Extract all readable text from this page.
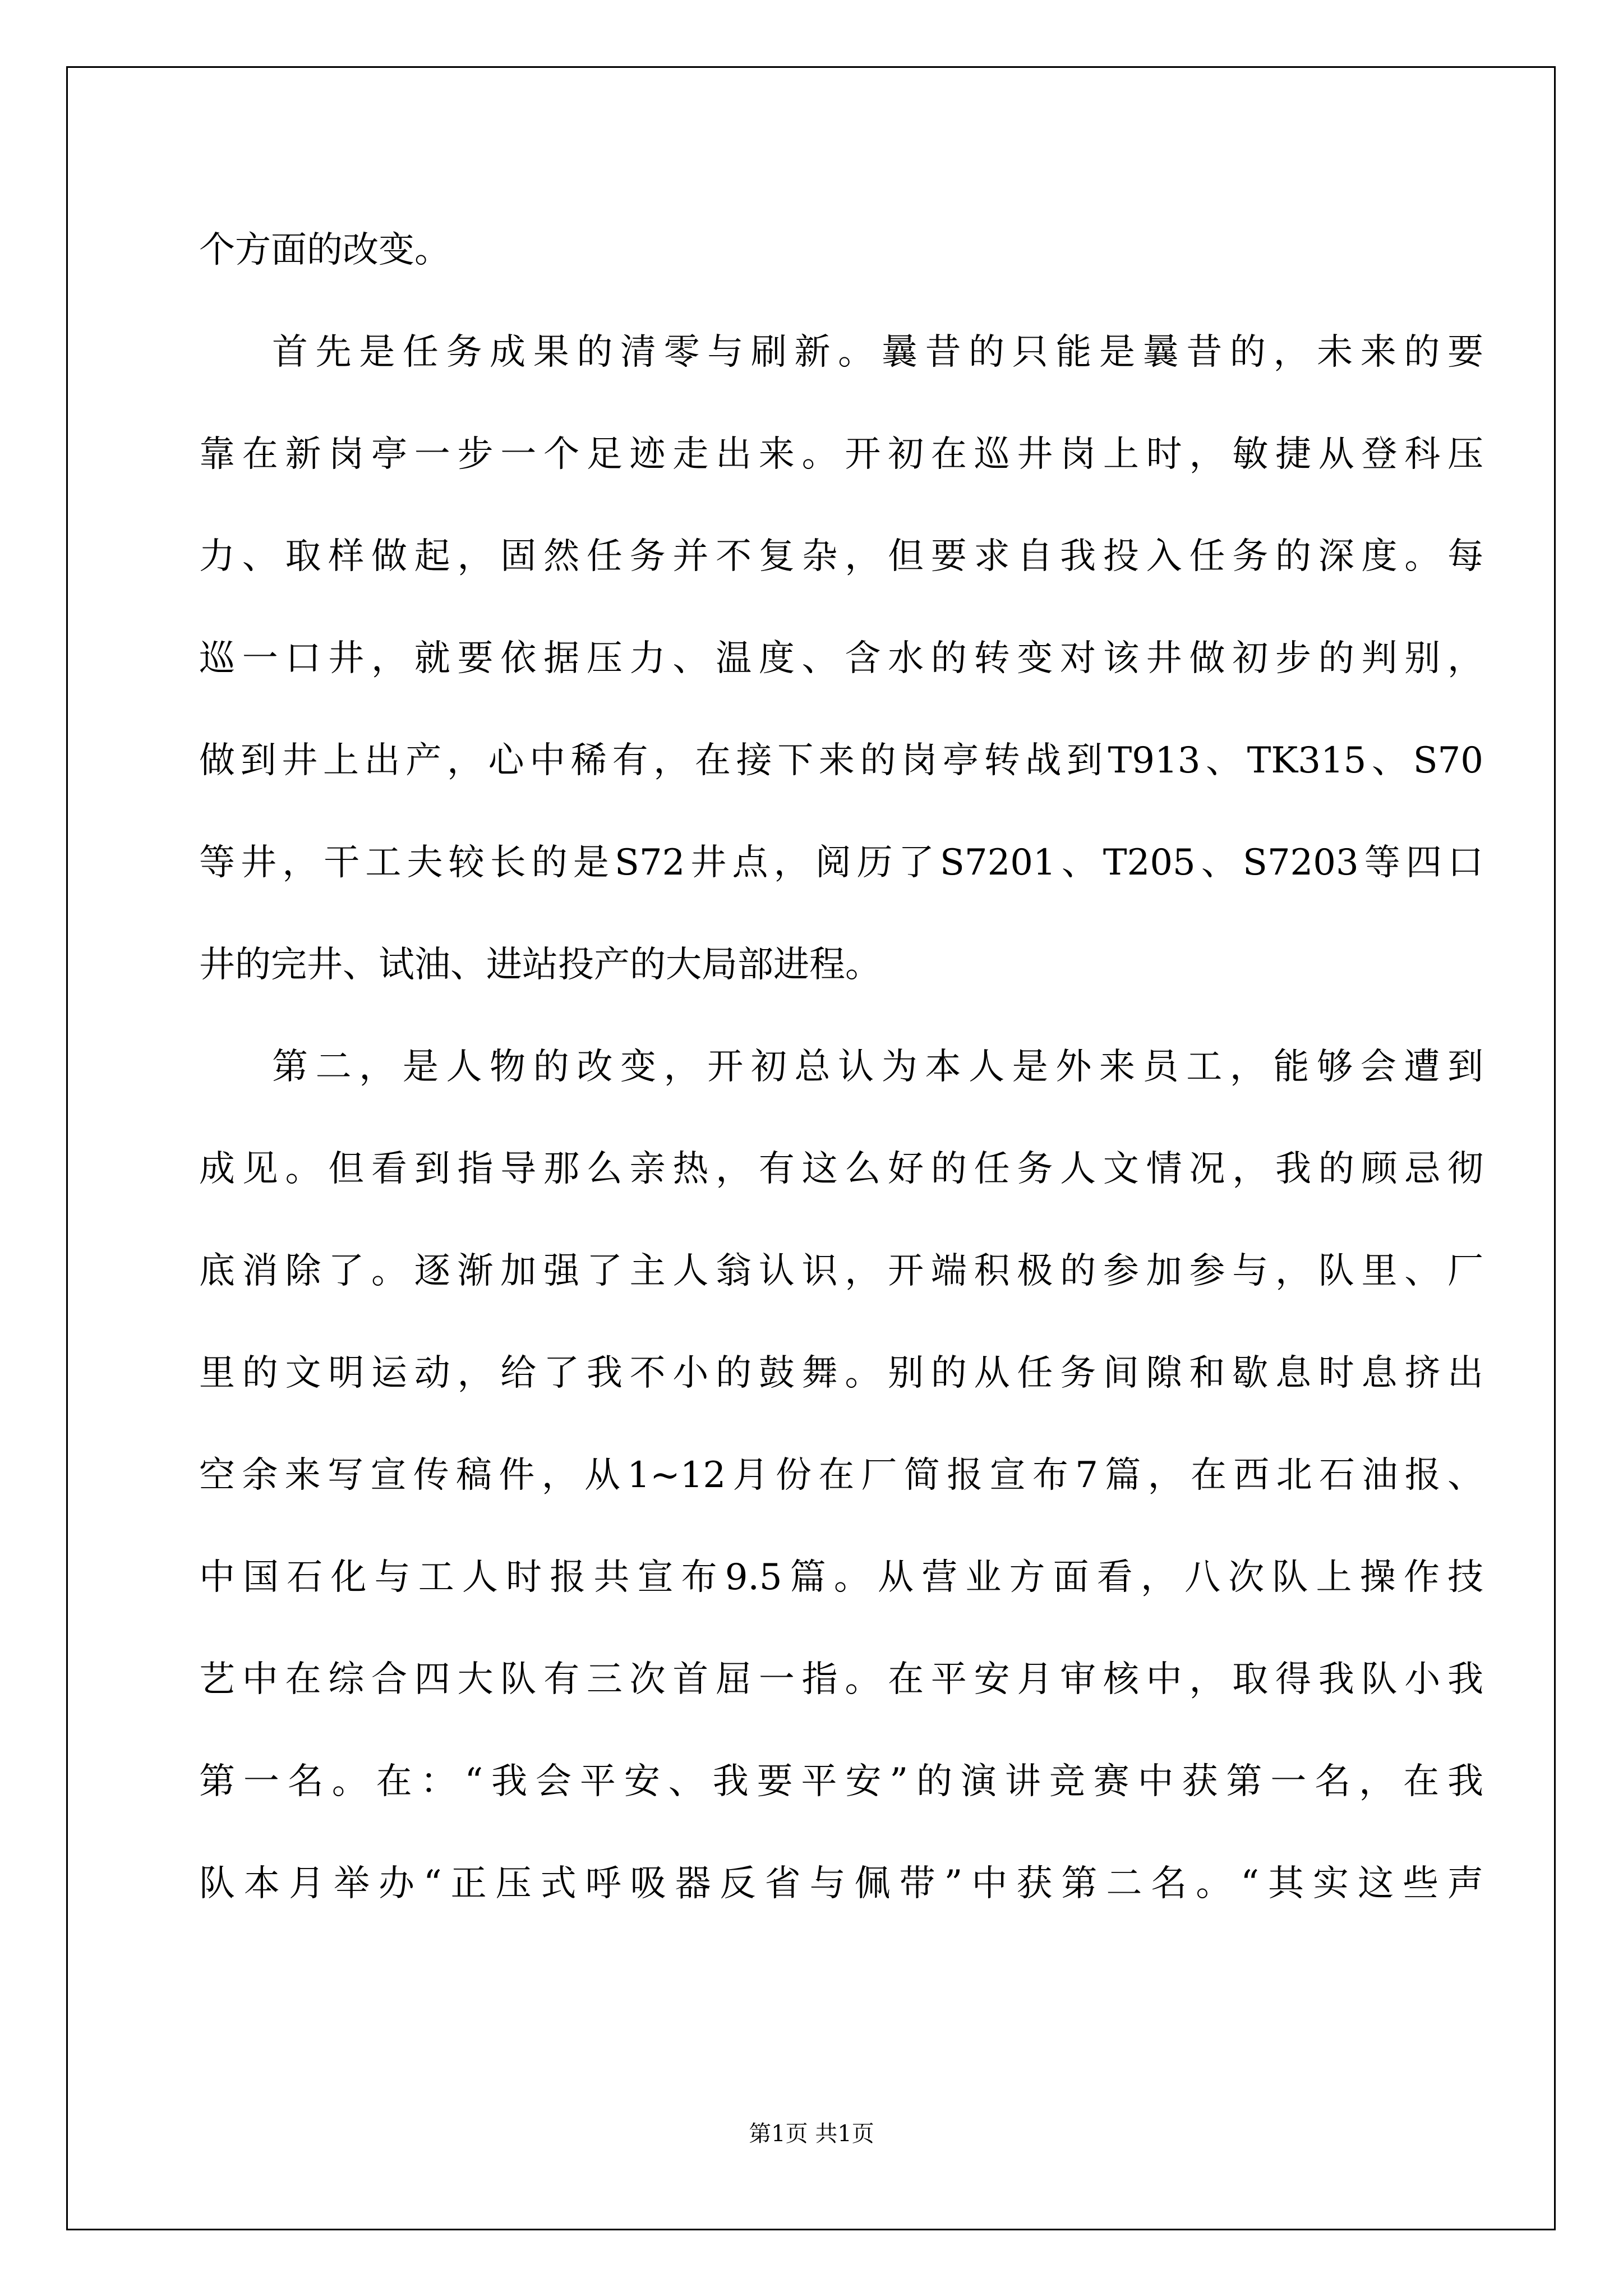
个方面的改变。
首先是任务成果的清零与刷新。曩昔的只能是曩昔的，未来的要
靠在新岗亭一步一个足迹走出来。开初在巡井岗上时，敏捷从登科压
力、取样做起，固然任务并不复杂，但要求自我投入任务的深度。每
巡一口井，就要依据压力、温度、含水的转变对该井做初步的判别，
做到井上出产，心中稀有，在接下来的岗亭转战到T913、TK315、S70
等井，干工夫较长的是S72井点，阅历了S7201、T205、S7203等四口
井的完井、试油、进站投产的大局部进程。
第二，是人物的改变，开初总认为本人是外来员工，能够会遭到
成见。但看到指导那么亲热，有这么好的任务人文情况，我的顾忌彻
底消除了。逐渐加强了主人翁认识，开端积极的参加参与，队里、厂
里的文明运动，给了我不小的鼓舞。别的从任务间隙和歇息时息挤出
空余来写宣传稿件，从1~12月份在厂简报宣布7篇，在西北石油报、
中国石化与工人时报共宣布9.5篇。从营业方面看，八次队上操作技
艺中在综合四大队有三次首屈一指。在平安月审核中，取得我队小我
第一名。在：“我会平安、我要平安”的演讲竞赛中获第一名，在我
队本月举办“正压式呼吸器反省与佩带”中获第二名。“其实这些声
第1页 共1页
